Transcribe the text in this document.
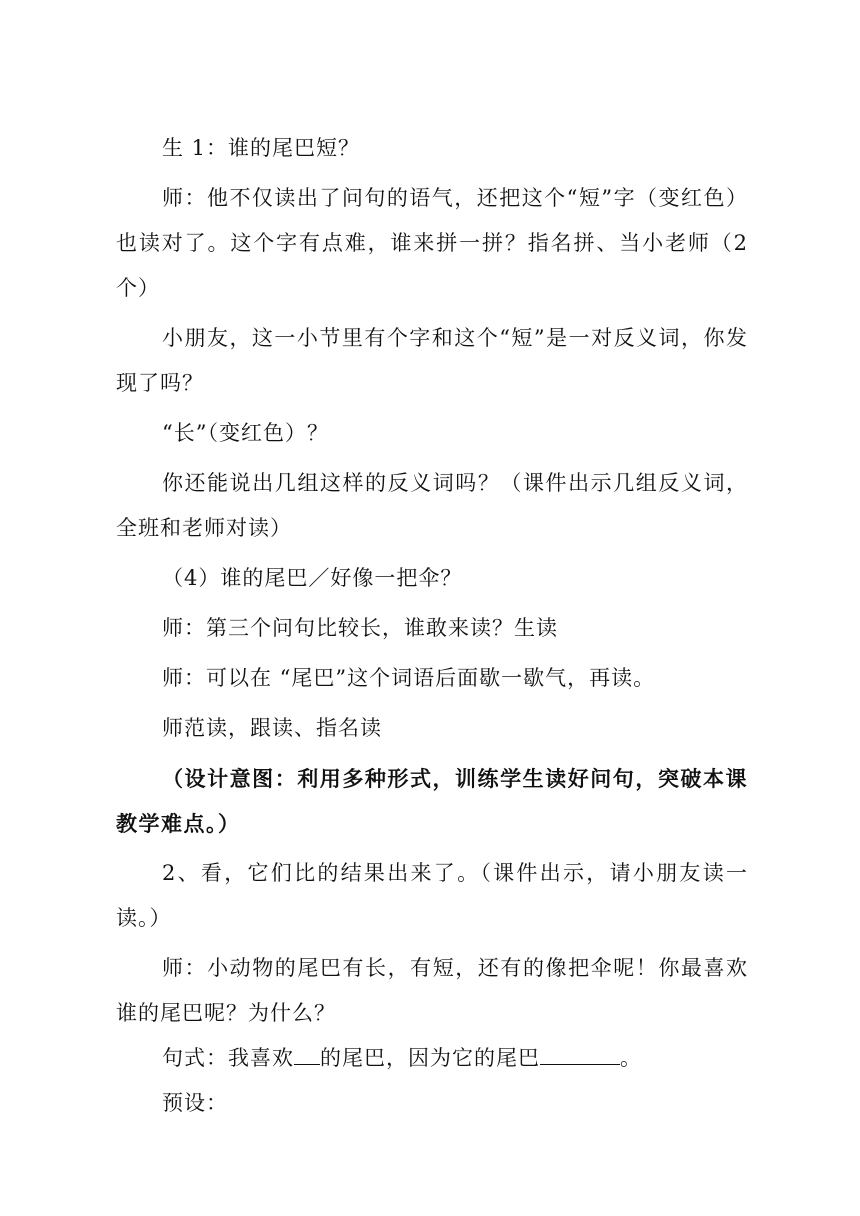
生 1：谁的尾巴短？

师：他不仅读出了问句的语气，还把这个“短”字（变红色）也读对了。这个字有点难，谁来拼一拼？指名拼、当小老师（2 个）

小朋友，这一小节里有个字和这个“短”是一对反义词，你发现了吗？

“长”（变红色）？

你还能说出几组这样的反义词吗？（课件出示几组反义词，全班和老师对读）

（4）谁的尾巴／好像一把伞？

师：第三个问句比较长，谁敢来读？生读

师：可以在 “尾巴”这个词语后面歇一歇气，再读。

师范读，跟读、指名读

（设计意图：利用多种形式，训练学生读好问句，突破本课教学难点。）

2、看，它们比的结果出来了。（课件出示，请小朋友读一读。）

师：小动物的尾巴有长，有短，还有的像把伞呢！你最喜欢谁的尾巴呢？为什么？

句式：我喜欢 的尾巴，因为它的尾巴	。

预设：
